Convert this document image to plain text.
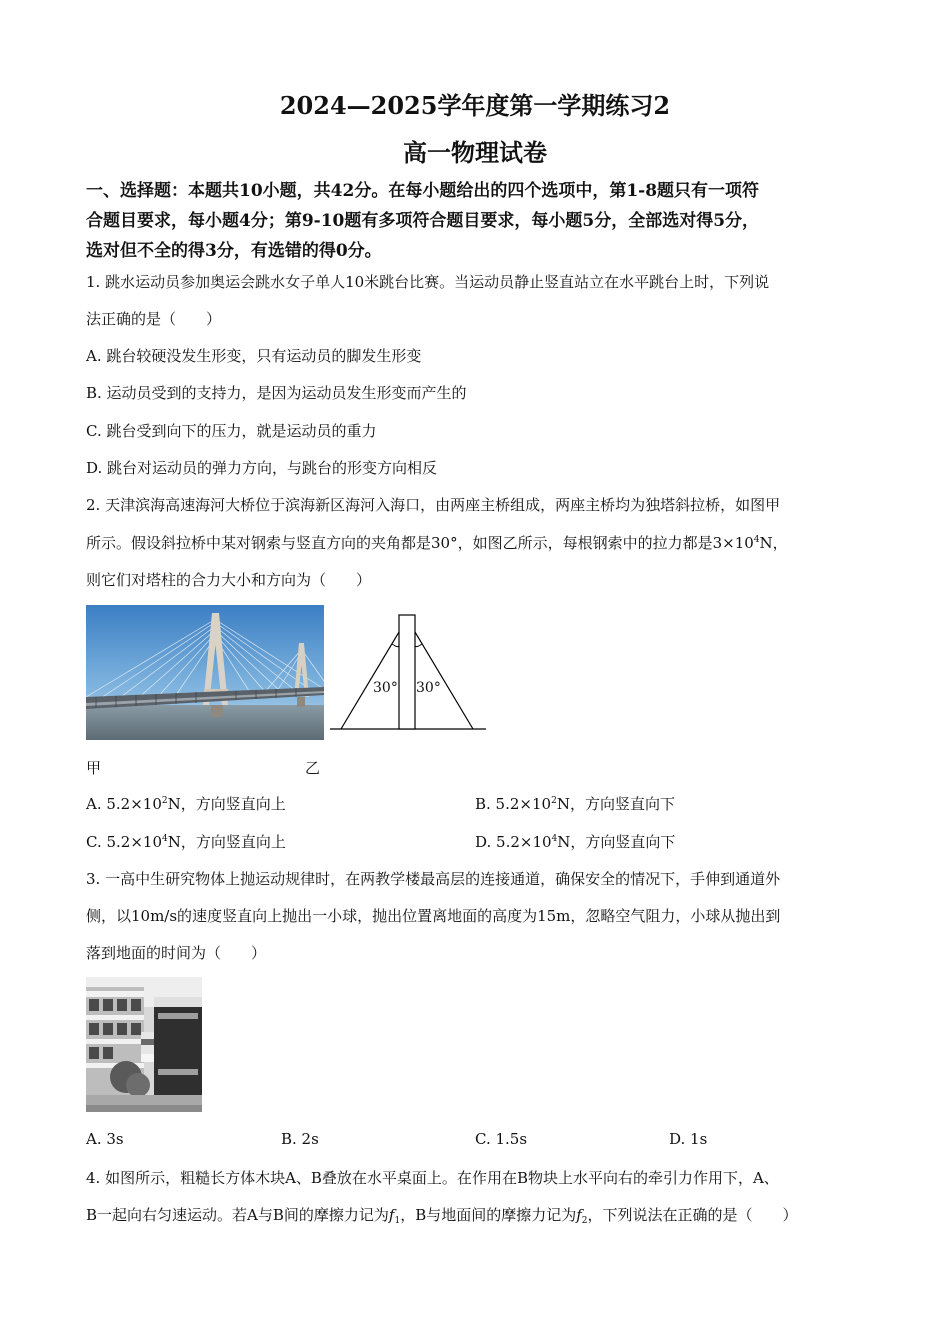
2024—2025学年度第一学期练习2
高一物理试卷
一、选择题：本题共10小题，共42分。在每小题给出的四个选项中，第1-8题只有一项符
合题目要求，每小题4分；第9-10题有多项符合题目要求，每小题5分，全部选对得5分，
选对但不全的得3分，有选错的得0分。
1. 跳水运动员参加奥运会跳水女子单人10米跳台比赛。当运动员静止竖直站立在水平跳台上时，下列说
法正确的是（　　）
A. 跳台较硬没发生形变，只有运动员的脚发生形变
B. 运动员受到的支持力，是因为运动员发生形变而产生的
C. 跳台受到向下的压力，就是运动员的重力
D. 跳台对运动员的弹力方向，与跳台的形变方向相反
2. 天津滨海高速海河大桥位于滨海新区海河入海口，由两座主桥组成，两座主桥均为独塔斜拉桥，如图甲
所示。假设斜拉桥中某对钢索与竖直方向的夹角都是30°，如图乙所示，每根钢索中的拉力都是$3\times 10^4N$，
则它们对塔柱的合力大小和方向为（　　）
30° 30°
甲	乙
A. $5.2\times 10^2N$，方向竖直向上	B. $5.2\times 10^2N$，方向竖直向下
C. $5.2\times 10^4N$，方向竖直向上	D. $5.2\times 10^4N$，方向竖直向下
3. 一高中生研究物体上抛运动规律时，在两教学楼最高层的连接通道，确保安全的情况下，手伸到通道外
侧，以10m/s的速度竖直向上抛出一小球，抛出位置离地面的高度为15m，忽略空气阻力，小球从抛出到
落到地面的时间为（　　）
A. 3s	B. 2s	C. 1.5s	D. 1s
4. 如图所示，粗糙长方体木块A、B叠放在水平桌面上。在作用在B物块上水平向右的牵引力作用下，A、
B一起向右匀速运动。若A与B间的摩擦力记为$f_1$，B与地面间的摩擦力记为$f_2$，下列说法在正确的是（　　）
